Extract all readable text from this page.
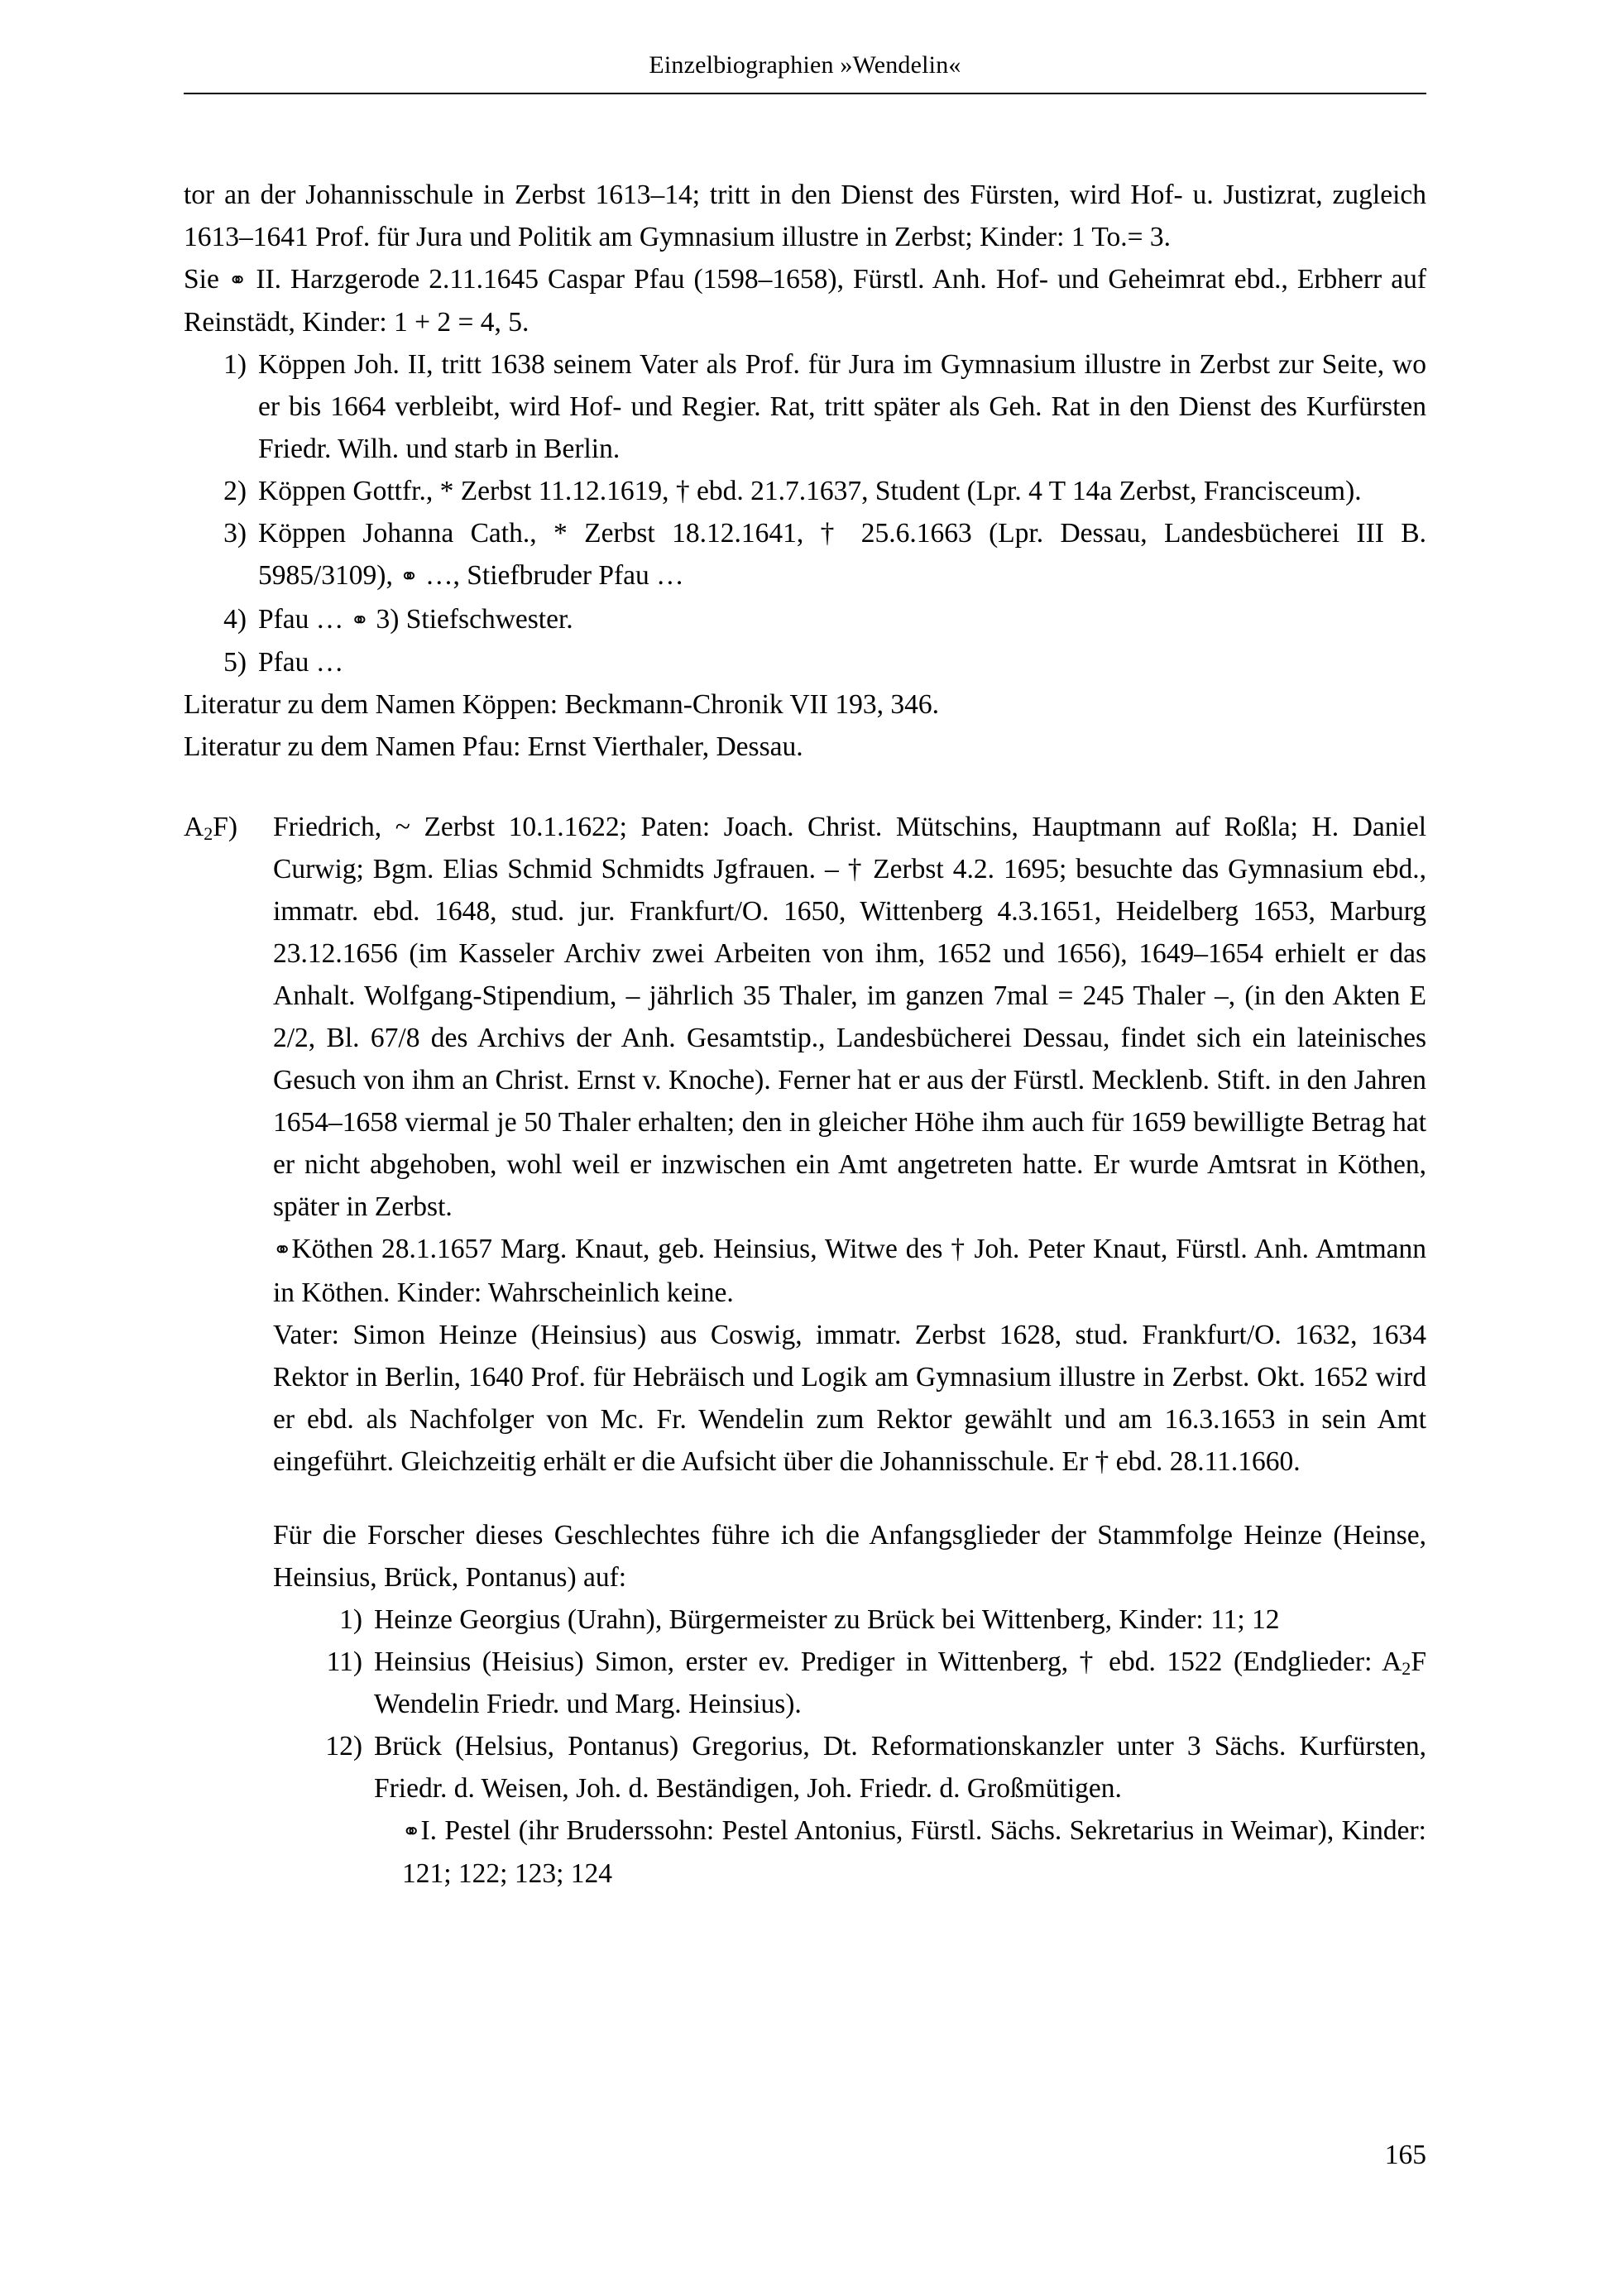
Einzelbiographien »Wendelin«

tor an der Johannisschule in Zerbst 1613–14; tritt in den Dienst des Fürsten, wird Hof- u. Justizrat, zugleich 1613–1641 Prof. für Jura und Politik am Gymnasium illustre in Zerbst; Kinder: 1 To.= 3.

Sie ⚭ II. Harzgerode 2.11.1645 Caspar Pfau (1598–1658), Fürstl. Anh. Hof- und Geheimrat ebd., Erbherr auf Reinstädt, Kinder: 1 + 2 = 4, 5.

1) Köppen Joh. II, tritt 1638 seinem Vater als Prof. für Jura im Gymnasium illustre in Zerbst zur Seite, wo er bis 1664 verbleibt, wird Hof- und Regier. Rat, tritt später als Geh. Rat in den Dienst des Kurfürsten Friedr. Wilh. und starb in Berlin.
2) Köppen Gottfr., * Zerbst 11.12.1619, † ebd. 21.7.1637, Student (Lpr. 4 T 14a Zerbst, Francisceum).
3) Köppen Johanna Cath., * Zerbst 18.12.1641, † 25.6.1663 (Lpr. Dessau, Landesbücherei III B. 5985/3109), ⚭ …, Stiefbruder Pfau …
4) Pfau … ⚭ 3) Stiefschwester.
5) Pfau …

Literatur zu dem Namen Köppen: Beckmann-Chronik VII 193, 346.

Literatur zu dem Namen Pfau: Ernst Vierthaler, Dessau.

$A_2F$)	Friedrich, ~ Zerbst 10.1.1622; Paten: Joach. Christ. Mütschins, Hauptmann auf Roßla; H. Daniel Curwig; Bgm. Elias Schmid Schmidts Jgfrauen. – † Zerbst 4.2. 1695; besuchte das Gymnasium ebd., immatr. ebd. 1648, stud. jur. Frankfurt/O. 1650, Wittenberg 4.3.1651, Heidelberg 1653, Marburg 23.12.1656 (im Kasseler Archiv zwei Arbeiten von ihm, 1652 und 1656), 1649–1654 erhielt er das Anhalt. Wolfgang-Stipendium, – jährlich 35 Thaler, im ganzen 7mal = 245 Thaler –, (in den Akten E 2/2, Bl. 67/8 des Archivs der Anh. Gesamtstip., Landesbücherei Dessau, findet sich ein lateinisches Gesuch von ihm an Christ. Ernst v. Knoche). Ferner hat er aus der Fürstl. Mecklenb. Stift. in den Jahren 1654–1658 viermal je 50 Thaler erhalten; den in gleicher Höhe ihm auch für 1659 bewilligte Betrag hat er nicht abgehoben, wohl weil er inzwischen ein Amt angetreten hatte. Er wurde Amtsrat in Köthen, später in Zerbst.

⚭Köthen 28.1.1657 Marg. Knaut, geb. Heinsius, Witwe des † Joh. Peter Knaut, Fürstl. Anh. Amtmann in Köthen. Kinder: Wahrscheinlich keine.

Vater: Simon Heinze (Heinsius) aus Coswig, immatr. Zerbst 1628, stud. Frankfurt/O. 1632, 1634 Rektor in Berlin, 1640 Prof. für Hebräisch und Logik am Gymnasium illustre in Zerbst. Okt. 1652 wird er ebd. als Nachfolger von Mc. Fr. Wendelin zum Rektor gewählt und am 16.3.1653 in sein Amt eingeführt. Gleichzeitig erhält er die Aufsicht über die Johannisschule. Er † ebd. 28.11.1660.

Für die Forscher dieses Geschlechtes führe ich die Anfangsglieder der Stammfolge Heinze (Heinse, Heinsius, Brück, Pontanus) auf:

1) Heinze Georgius (Urahn), Bürgermeister zu Brück bei Wittenberg, Kinder: 11; 12
11) Heinsius (Heisius) Simon, erster ev. Prediger in Wittenberg, † ebd. 1522 (Endglieder: $A_2F$ Wendelin Friedr. und Marg. Heinsius).
12) Brück (Helsius, Pontanus) Gregorius, Dt. Reformationskanzler unter 3 Sächs. Kurfürsten, Friedr. d. Weisen, Joh. d. Beständigen, Joh. Friedr. d. Großmütigen.
⚭I. Pestel (ihr Bruderssohn: Pestel Antonius, Fürstl. Sächs. Sekretarius in Weimar), Kinder: 121; 122; 123; 124
165
